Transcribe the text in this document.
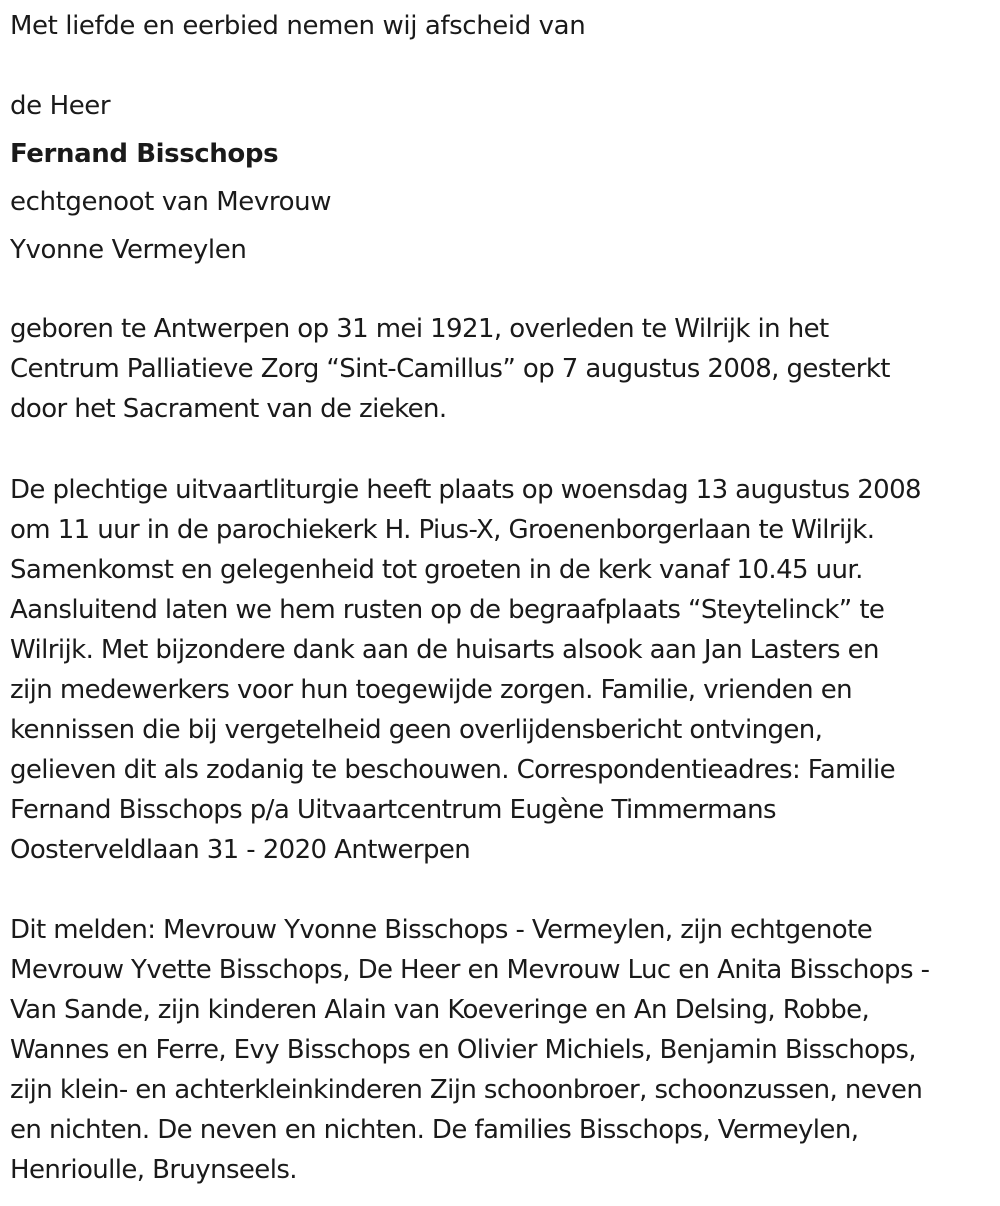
Met liefde en eerbied nemen wij afscheid van
de Heer
Fernand Bisschops
echtgenoot van Mevrouw
Yvonne Vermeylen
geboren te Antwerpen op 31 mei 1921, overleden te Wilrijk in het
Centrum Palliatieve Zorg “Sint-Camillus” op 7 augustus 2008, gesterkt
door het Sacrament van de zieken.
De plechtige uitvaartliturgie heeft plaats op woensdag 13 augustus 2008
om 11 uur in de parochiekerk H. Pius-X, Groenenborgerlaan te Wilrijk.
Samenkomst en gelegenheid tot groeten in de kerk vanaf 10.45 uur.
Aansluitend laten we hem rusten op de begraafplaats “Steytelinck” te
Wilrijk. Met bijzondere dank aan de huisarts alsook aan Jan Lasters en
zijn medewerkers voor hun toegewijde zorgen. Familie, vrienden en
kennissen die bij vergetelheid geen overlijdensbericht ontvingen,
gelieven dit als zodanig te beschouwen. Correspondentieadres: Familie
Fernand Bisschops p/a Uitvaartcentrum Eugène Timmermans
Oosterveldlaan 31 - 2020 Antwerpen
Dit melden: Mevrouw Yvonne Bisschops - Vermeylen, zijn echtgenote
Mevrouw Yvette Bisschops, De Heer en Mevrouw Luc en Anita Bisschops -
Van Sande, zijn kinderen Alain van Koeveringe en An Delsing, Robbe,
Wannes en Ferre, Evy Bisschops en Olivier Michiels, Benjamin Bisschops,
zijn klein- en achterkleinkinderen Zijn schoonbroer, schoonzussen, neven
en nichten. De neven en nichten. De families Bisschops, Vermeylen,
Henrioulle, Bruynseels.
